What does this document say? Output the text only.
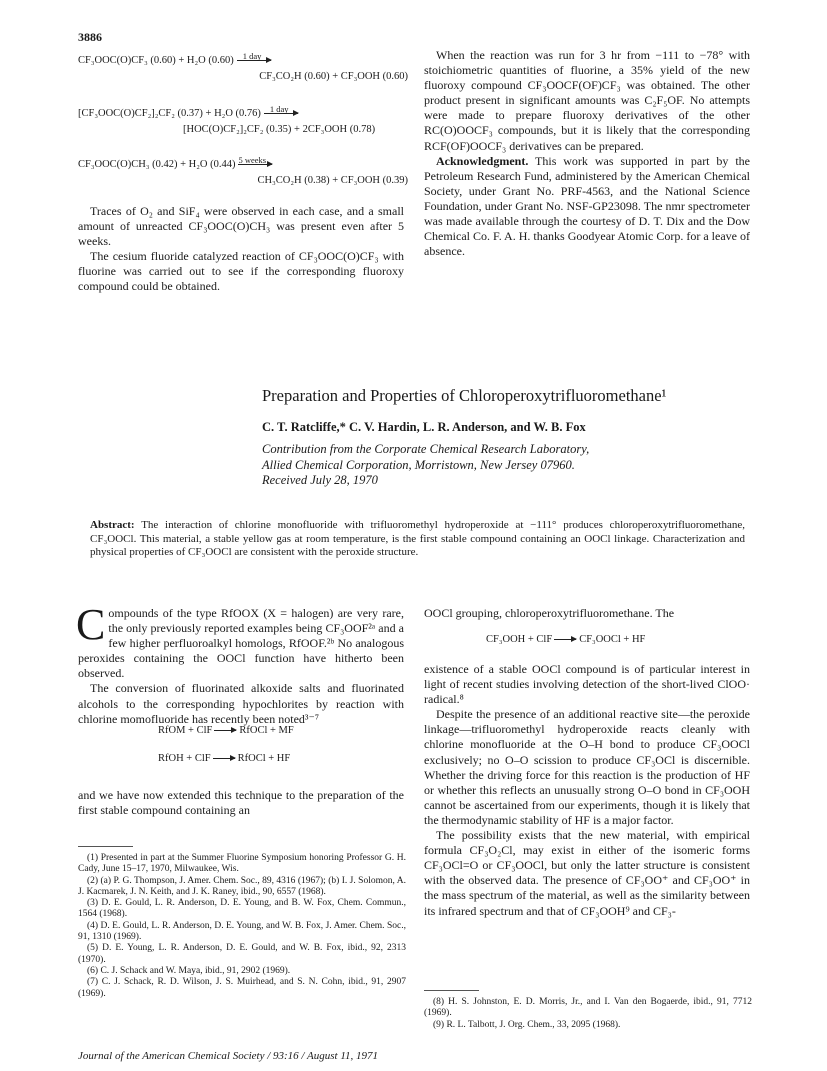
3886
CF₃OOC(O)CF₃ (0.60) + H₂O (0.60) 1 day
CF₃CO₂H (0.60) + CF₃OOH (0.60)
[CF₃OOC(O)CF₂]₂CF₂ (0.37) + H₂O (0.76) 1 day
[HOC(O)CF₂]₂CF₂ (0.35) + 2CF₃OOH (0.78)
CF₃OOC(O)CH₃ (0.42) + H₂O (0.44) 5 weeks
CH₃CO₂H (0.38) + CF₃OOH (0.39)

Traces of O₂ and SiF₄ were observed in each case, and a small amount of unreacted CF₃OOC(O)CH₃ was present even after 5 weeks.

The cesium fluoride catalyzed reaction of CF₃OOC(O)CF₃ with fluorine was carried out to see if the corresponding fluoroxy compound could be obtained.

When the reaction was run for 3 hr from −111 to −78° with stoichiometric quantities of fluorine, a 35% yield of the new fluoroxy compound CF₃OOCF(OF)CF₃ was obtained. The other product present in significant amounts was C₂F₅OF. No attempts were made to prepare fluoroxy derivatives of the other RC(O)OOCF₃ compounds, but it is likely that the corresponding RCF(OF)OOCF₃ derivatives can be prepared.

Acknowledgment. This work was supported in part by the Petroleum Research Fund, administered by the American Chemical Society, under Grant No. PRF-4563, and the National Science Foundation, under Grant No. NSF-GP23098. The nmr spectrometer was made available through the courtesy of D. T. Dix and the Dow Chemical Co. F. A. H. thanks Goodyear Atomic Corp. for a leave of absence.

Preparation and Properties of Chloroperoxytrifluoromethane¹
C. T. Ratcliffe,* C. V. Hardin, L. R. Anderson, and W. B. Fox
Contribution from the Corporate Chemical Research Laboratory,
Allied Chemical Corporation, Morristown, New Jersey 07960.
Received July 28, 1970
Abstract: The interaction of chlorine monofluoride with trifluoromethyl hydroperoxide at −111° produces chloroperoxytrifluoromethane, CF₃OOCl. This material, a stable yellow gas at room temperature, is the first stable compound containing an OOCl linkage. Characterization and physical properties of CF₃OOCl are consistent with the peroxide structure.
C ompounds of the type RfOOX (X = halogen) are very rare, the only previously reported examples being CF₃OOF²ᵃ and a few higher perfluoroalkyl homologs, RfOOF.²ᵇ No analogous peroxides containing the OOCl function have hitherto been observed.

The conversion of fluorinated alkoxide salts and fluorinated alcohols to the corresponding hypochlorites by reaction with chlorine momofluoride has recently been noted³⁻⁷

RfOM + ClF → RfOCl + MF
RfOH + ClF → RfOCl + HF

and we have now extended this technique to the preparation of the first stable compound containing an

(1) Presented in part at the Summer Fluorine Symposium honoring Professor G. H. Cady, June 15–17, 1970, Milwaukee, Wis.

(2) (a) P. G. Thompson, J. Amer. Chem. Soc., 89, 4316 (1967); (b) I. J. Solomon, A. J. Kacmarek, J. N. Keith, and J. K. Raney, ibid., 90, 6557 (1968).

(3) D. E. Gould, L. R. Anderson, D. E. Young, and B. W. Fox, Chem. Commun., 1564 (1968).

(4) D. E. Gould, L. R. Anderson, D. E. Young, and W. B. Fox, J. Amer. Chem. Soc., 91, 1310 (1969).

(5) D. E. Young, L. R. Anderson, D. E. Gould, and W. B. Fox, ibid., 92, 2313 (1970).

(6) C. J. Schack and W. Maya, ibid., 91, 2902 (1969).

(7) C. J. Schack, R. D. Wilson, J. S. Muirhead, and S. N. Cohn, ibid., 91, 2907 (1969).

OOCl grouping, chloroperoxytrifluoromethane. The

CF₃OOH + ClF → CF₃OOCl + HF

existence of a stable OOCl compound is of particular interest in light of recent studies involving detection of the short-lived ClOO· radical.⁸

Despite the presence of an additional reactive site—the peroxide linkage—trifluoromethyl hydroperoxide reacts cleanly with chlorine monofluoride at the O–H bond to produce CF₃OOCl exclusively; no O–O scission to produce CF₃OCl is discernible. Whether the driving force for this reaction is the production of HF or whether this reflects an unusually strong O–O bond in CF₃OOH cannot be ascertained from our experiments, though it is likely that the thermodynamic stability of HF is a major factor.

The possibility exists that the new material, with empirical formula CF₃O₂Cl, may exist in either of the isomeric forms CF₃OCl=O or CF₃OOCl, but only the latter structure is consistent with the observed data. The presence of CF₃OO⁺ and CF₃OO⁺ in the mass spectrum of the material, as well as the similarity between its infrared spectrum and that of CF₃OOH⁹ and CF₃-

(8) H. S. Johnston, E. D. Morris, Jr., and I. Van den Bogaerde, ibid., 91, 7712 (1969).

(9) R. L. Talbott, J. Org. Chem., 33, 2095 (1968).

Journal of the American Chemical Society / 93:16 / August 11, 1971
